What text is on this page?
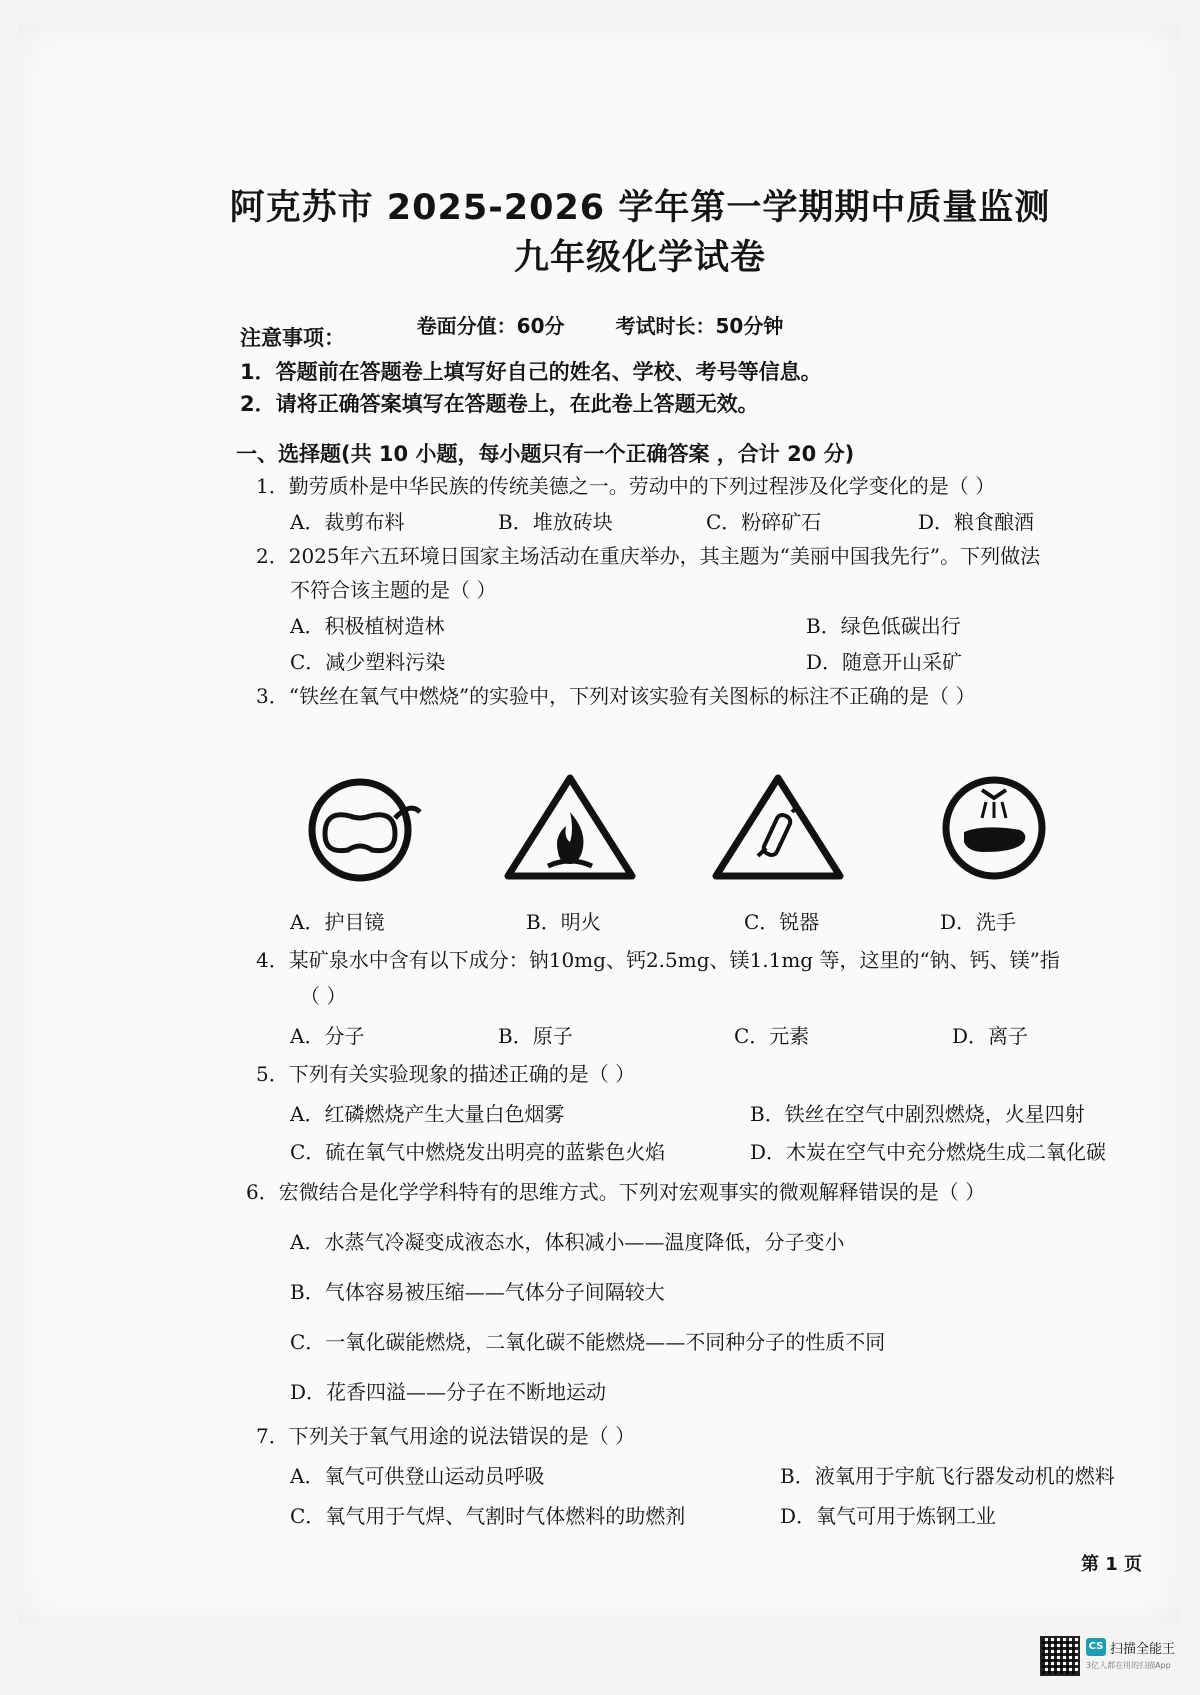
阿克苏市 2025-2026 学年第一学期期中质量监测
九年级化学试卷
卷面分值：60分	考试时长：50分钟
注意事项：
1．答题前在答题卷上填写好自己的姓名、学校、考号等信息。
2．请将正确答案填写在答题卷上，在此卷上答题无效。
一、选择题(共 10 小题，每小题只有一个正确答案 ，合计 20 分)
1．勤劳质朴是中华民族的传统美德之一。劳动中的下列过程涉及化学变化的是（ ）
A．裁剪布料	B．堆放砖块	C．粉碎矿石	D．粮食酿酒
2．2025年六五环境日国家主场活动在重庆举办，其主题为“美丽中国我先行”。下列做法
不符合该主题的是（ ）
A．积极植树造林	B．绿色低碳出行
C．减少塑料污染	D．随意开山采矿
3．“铁丝在氧气中燃烧”的实验中，下列对该实验有关图标的标注不正确的是（ ）
A．护目镜	B．明火	C．锐器	D．洗手
4．某矿泉水中含有以下成分：钠10mg、钙2.5mg、镁1.1mg 等，这里的“钠、钙、镁”指
（ ）
A．分子	B．原子	C．元素	D．离子
5．下列有关实验现象的描述正确的是（ ）
A．红磷燃烧产生大量白色烟雾	B．铁丝在空气中剧烈燃烧，火星四射
C．硫在氧气中燃烧发出明亮的蓝紫色火焰	D．木炭在空气中充分燃烧生成二氧化碳
6．宏微结合是化学学科特有的思维方式。下列对宏观事实的微观解释错误的是（ ）
A．水蒸气冷凝变成液态水，体积减小——温度降低，分子变小
B．气体容易被压缩——气体分子间隔较大
C．一氧化碳能燃烧，二氧化碳不能燃烧——不同种分子的性质不同
D．花香四溢——分子在不断地运动
7．下列关于氧气用途的说法错误的是（ ）
A．氧气可供登山运动员呼吸	B．液氧用于宇航飞行器发动机的燃料
C．氧气用于气焊、气割时气体燃料的助燃剂	D．氧气可用于炼钢工业
第 1 页
CS 扫描全能王
3亿人都在用的扫描App
